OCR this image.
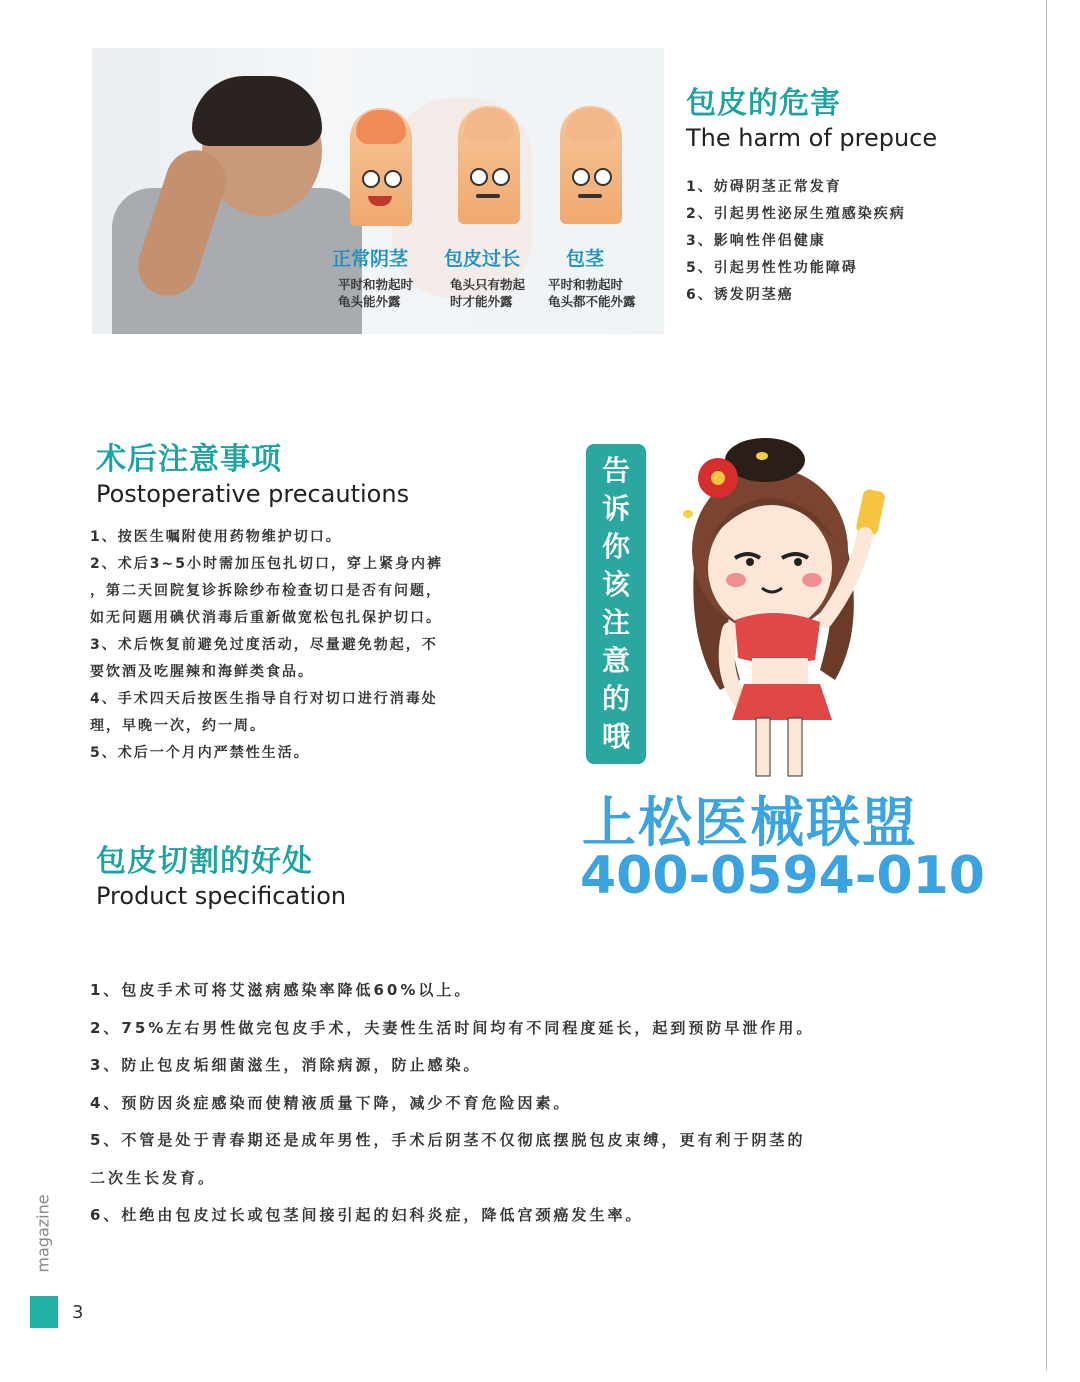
正常阴茎
平时和勃起时
龟头能外露
包皮过长
龟头只有勃起
时才能外露
包茎
平时和勃起时
龟头都不能外露
包皮的危害
The harm of prepuce
1、妨碍阴茎正常发育
2、引起男性泌尿生殖感染疾病
3、影响性伴侣健康
5、引起男性性功能障碍
6、诱发阴茎癌
术后注意事项
Postoperative precautions
1、按医生嘱附使用药物维护切口。
2、术后3~5小时需加压包扎切口，穿上紧身内裤
，第二天回院复诊拆除纱布检查切口是否有问题，
如无问题用碘伏消毒后重新做宽松包扎保护切口。
3、术后恢复前避免过度活动，尽量避免勃起，不
要饮酒及吃腥辣和海鲜类食品。
4、手术四天后按医生指导自行对切口进行消毒处
理，早晚一次，约一周。
5、术后一个月内严禁性生活。
告
诉
你
该
注
意
的
哦
上松医械联盟
400-0594-010
包皮切割的好处
Product specification
1、包皮手术可将艾滋病感染率降低60%以上。
2、75%左右男性做完包皮手术，夫妻性生活时间均有不同程度延长，起到预防早泄作用。
3、防止包皮垢细菌滋生，消除病源，防止感染。
4、预防因炎症感染而使精液质量下降，减少不育危险因素。
5、不管是处于青春期还是成年男性，手术后阴茎不仅彻底摆脱包皮束缚，更有利于阴茎的
二次生长发育。
6、杜绝由包皮过长或包茎间接引起的妇科炎症，降低宫颈癌发生率。
magazine
3
